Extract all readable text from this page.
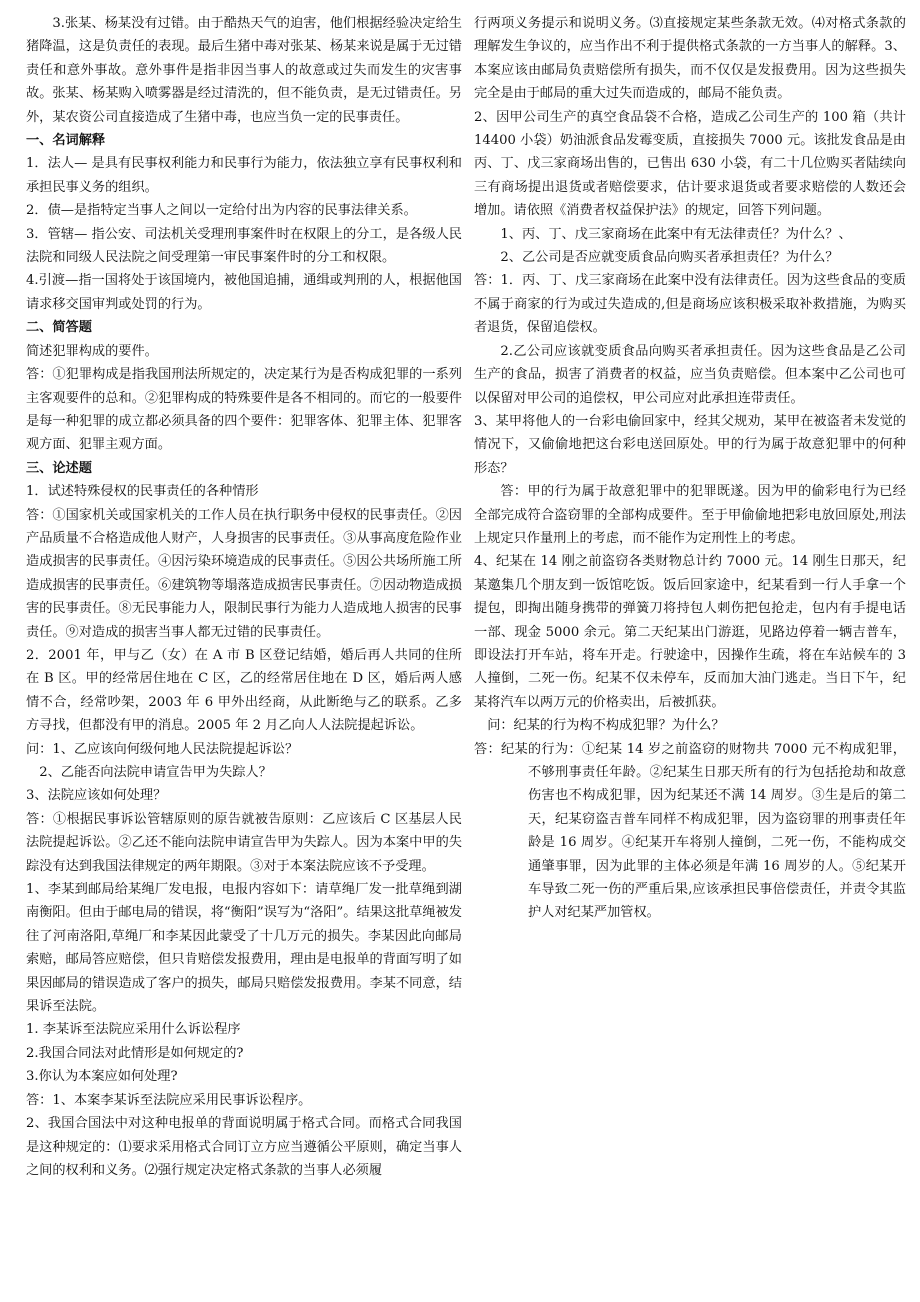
3.张某、杨某没有过错。由于酷热天气的迫害，他们根据经验决定给生猪降温，这是负责任的表现。最后生猪中毒对张某、杨某来说是属于无过错责任和意外事故。意外事件是指非因当事人的故意或过失而发生的灾害事故。张某、杨某购入喷雾器是经过清洗的，但不能负责，是无过错责任。另外，某农资公司直接造成了生猪中毒，也应当负一定的民事责任。

一、名词解释

1．法人— 是具有民事权利能力和民事行为能力，依法独立享有民事权利和承担民事义务的组织。

2．债—是指特定当事人之间以一定给付出为内容的民事法律关系。

3．管辖— 指公安、司法机关受理刑事案件时在权限上的分工，是各级人民法院和同级人民法院之间受理第一审民事案件时的分工和权限。

4.引渡—指一国将处于该国境内，被他国追捕，通缉或判刑的人，根据他国请求移交国审判或处罚的行为。

二、简答题

简述犯罪构成的要件。

答：①犯罪构成是指我国刑法所规定的，决定某行为是否构成犯罪的一系列主客观要件的总和。②犯罪构成的特殊要件是各不相同的。而它的一般要件是每一种犯罪的成立都必须具备的四个要件：犯罪客体、犯罪主体、犯罪客观方面、犯罪主观方面。

三、论述题

1．试述特殊侵权的民事责任的各种情形

答：①国家机关或国家机关的工作人员在执行职务中侵权的民事责任。②因产品质量不合格造成他人财产，人身损害的民事责任。③从事高度危险作业造成损害的民事责任。④因污染环境造成的民事责任。⑤因公共场所施工所造成损害的民事责任。⑥建筑物等塌落造成损害民事责任。⑦因动物造成损害的民事责任。⑧无民事能力人，限制民事行为能力人造成地人损害的民事责任。⑨对造成的损害当事人都无过错的民事责任。

2．2001 年，甲与乙（女）在 A 市 B 区登记结婚，婚后再人共同的住所在 B 区。甲的经常居住地在 C 区，乙的经常居住地在 D 区，婚后两人感情不合，经常吵架，2003 年 6 甲外出经商，从此断绝与乙的联系。乙多方寻找，但都没有甲的消息。2005 年 2 月乙向人人法院提起诉讼。

问：1、乙应该向何级何地人民法院提起诉讼？

2、乙能否向法院申请宣告甲为失踪人？

3、法院应该如何处理？

答：①根据民事诉讼管辖原则的原告就被告原则：乙应该后 C 区基层人民法院提起诉讼。②乙还不能向法院申请宣告甲为失踪人。因为本案中甲的失踪没有达到我国法律规定的两年期限。③对于本案法院应该不予受理。

1、李某到邮局给某绳厂发电报，电报内容如下：请草绳厂发一批草绳到湖南衡阳。但由于邮电局的错误，将“衡阳”误写为“洛阳”。结果这批草绳被发往了河南洛阳,草绳厂和李某因此蒙受了十几万元的损失。李某因此向邮局索赔，邮局答应赔偿，但只肯赔偿发报费用，理由是电报单的背面写明了如果因邮局的错误造成了客户的损失，邮局只赔偿发报费用。李某不同意，结果诉至法院。

1. 李某诉至法院应采用什么诉讼程序

2.我国合同法对此情形是如何规定的?

3.你认为本案应如何处理?

答：1、本案李某诉至法院应采用民事诉讼程序。

2、我国合国法中对这种电报单的背面说明属于格式合同。而格式合同我国是这种规定的：⑴要求采用格式合同订立方应当遵循公平原则，确定当事人之间的权利和义务。⑵强行规定决定格式条款的当事人必须履

行两项义务提示和说明义务。⑶直接规定某些条款无效。⑷对格式条款的理解发生争议的，应当作出不利于提供格式条款的一方当事人的解释。3、本案应该由邮局负责赔偿所有损失，而不仅仅是发报费用。因为这些损失完全是由于邮局的重大过失而造成的，邮局不能负责。

2、因甲公司生产的真空食品袋不合格，造成乙公司生产的 100 箱（共计 14400 小袋）奶油派食品发霉变质，直接损失 7000 元。该批发食品是由丙、丁、戊三家商场出售的，已售出 630 小袋，有二十几位购买者陆续向三有商场提出退货或者赔偿要求，估计要求退货或者要求赔偿的人数还会增加。请依照《消费者权益保护法》的规定，回答下列问题。

1、丙、丁、戊三家商场在此案中有无法律责任？为什么？、

2、乙公司是否应就变质食品向购买者承担责任？为什么？

答：1．丙、丁、戊三家商场在此案中没有法律责任。因为这些食品的变质不属于商家的行为或过失造成的,但是商场应该积极采取补救措施，为购买者退货，保留追偿权。

2.乙公司应该就变质食品向购买者承担责任。因为这些食品是乙公司生产的食品，损害了消费者的权益，应当负责赔偿。但本案中乙公司也可以保留对甲公司的追偿权，甲公司应对此承担连带责任。

3、某甲将他人的一台彩电偷回家中，经其父规劝，某甲在被盗者未发觉的情况下，又偷偷地把这台彩电送回原处。甲的行为属于故意犯罪中的何种形态？

答：甲的行为属于故意犯罪中的犯罪既遂。因为甲的偷彩电行为已经全部完成符合盗窃罪的全部构成要件。至于甲偷偷地把彩电放回原处,刑法上规定只作量刑上的考虑，而不能作为定刑性上的考虑。

4、纪某在 14 刚之前盗窃各类财物总计约 7000 元。14 刚生日那天，纪某邀集几个朋友到一饭馆吃饭。饭后回家途中，纪某看到一行人手拿一个提包，即掏出随身携带的弹簧刀将持包人刺伤把包抢走，包内有手提电话一部、现金 5000 余元。第二天纪某出门游逛，见路边停着一辆吉普车，即设法打开车站，将车开走。行驶途中，因操作生疏，将在车站候车的 3 人撞倒，二死一伤。纪某不仅未停车，反而加大油门逃走。当日下午，纪某将汽车以两万元的价格卖出，后被抓获。

问：纪某的行为构不构成犯罪？为什么？

答：纪某的行为：①纪某 14 岁之前盗窃的财物共 7000 元不构成犯罪，不够刑事责任年龄。②纪某生日那天所有的行为包括抢劫和故意伤害也不构成犯罪，因为纪某还不满 14 周岁。③生是后的第二天，纪某窃盗吉普车同样不构成犯罪，因为盗窃罪的刑事责任年龄是 16 周岁。④纪某开车将别人撞倒，二死一伤，不能构成交通肇事罪，因为此罪的主体必须是年满 16 周岁的人。⑤纪某开车导致二死一伤的严重后果,应该承担民事倍偿责任，并责令其监护人对纪某严加管权。
